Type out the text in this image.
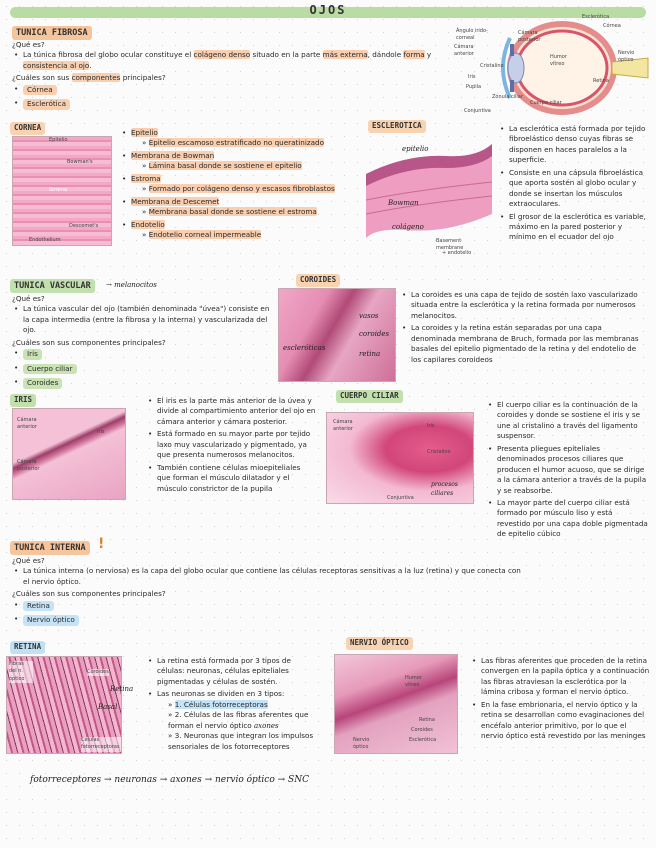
OJOS
TUNICA FIBROSA

¿Qué es?

• La túnica fibrosa del globo ocular constituye el colágeno denso situado en la parte más externa, dándole forma y consistencia al ojo.

¿Cuáles son sus componentes principales?

• Córnea
• Esclerótica
Esclerótica
Córnea
Ángulo irido-corneal
Cámara anterior
Cámara posterior
Humor vítreo
Retina
Nervio óptico
Iris
Pupila
Cristalino
Cuerpo ciliar
Conjuntiva
Zónula ciliar
CORNEA
Epitelio
Bowman's
Stroma
Descemet's
Endothelium
• Epitelio
» Epitelio escamoso estratificado no queratinizado
• Membrana de Bowman
» Lámina basal donde se sostiene el epitelio
• Estroma
» Formado por colágeno denso y escasos fibroblastos
• Membrana de Descemet
» Membrana basal donde se sostiene el estroma
• Endotelio
» Endotelio corneal impermeable
ESCLEROTICA
epitelio
Bowman
colágeno
Basement membrane
+ endotelio
• La esclerótica está formada por tejido fibroelástico denso cuyas fibras se disponen en haces paralelos a la superficie.
• Consiste en una cápsula fibroelástica que aporta sostén al globo ocular y donde se insertan los músculos extraoculares.
• El grosor de la esclerótica es variable, máximo en la pared posterior y mínimo en el ecuador del ojo
TUNICA VASCULAR	→ melanocitos

¿Qué es?

• La túnica vascular del ojo (también denominada "úvea") consiste en la capa intermedia (entre la fibrosa y la interna) y vascularizada del ojo.

¿Cuáles son sus componentes principales?

• Iris
• Cuerpo ciliar
• Coroides
COROIDES
escleróticas
vasos
coroides
retina
• La coroides es una capa de tejido de sostén laxo vascularizado situada entre la esclerótica y la retina formada por numerosos melanocitos.
• La coroides y la retina están separadas por una capa denominada membrana de Bruch, formada por las membranas basales del epitelio pigmentado de la retina y del endotelio de los capilares coroideos
IRIS
Cámara anterior
Cámara posterior
Iris
• El iris es la parte más anterior de la úvea y divide al compartimiento anterior del ojo en cámara anterior y cámara posterior.
• Está formado en su mayor parte por tejido laxo muy vascularizado y pigmentado, ya que presenta numerosos melanocitos.
• También contiene células mioepiteliales que forman el músculo dilatador y el músculo constrictor de la pupila
CUERPO CILIAR
Cámara anterior
Iris
Cristalino
procesos ciliares
Conjuntiva
• El cuerpo ciliar es la continuación de la coroides y donde se sostiene el iris y se une al cristalino a través del ligamento suspensor.
• Presenta pliegues epiteliales denominados procesos ciliares que producen el humor acuoso, que se dirige a la cámara anterior a través de la pupila y se reabsorbe.
• La mayor parte del cuerpo ciliar está formado por músculo liso y está revestido por una capa doble pigmentada de epitelio cúbico
TUNICA INTERNA !

¿Qué es?

• La túnica interna (o nerviosa) es la capa del globo ocular que contiene las células receptoras sensitivas a la luz (retina) y que conecta con el nervio óptico.

¿Cuáles son sus componentes principales?

• Retina
• Nervio óptico
RETINA
Fibras del n. óptico
Células fotorreceptoras
Coroides
Retina
Basal
• La retina está formada por 3 tipos de células: neuronas, células epiteliales pigmentadas y células de sostén.
• Las neuronas se dividen en 3 tipos:
» 1. Células fotorreceptoras
» 2. Células de las fibras aferentes que forman el nervio óptico axones
» 3. Neuronas que integran los impulsos sensoriales de los fotorreceptores
fotorreceptores → neuronas → axones → nervio óptico → SNC
NERVIO ÓPTICO
Humor vítreo
Retina
Coroides
Esclerótica
Nervio óptico
• Las fibras aferentes que proceden de la retina convergen en la papila óptica y a continuación las fibras atraviesan la esclerótica por la lámina cribosa y forman el nervio óptico.
• En la fase embrionaria, el nervio óptico y la retina se desarrollan como evaginaciones del encéfalo anterior primitivo, por lo que el nervio óptico está revestido por las meninges
